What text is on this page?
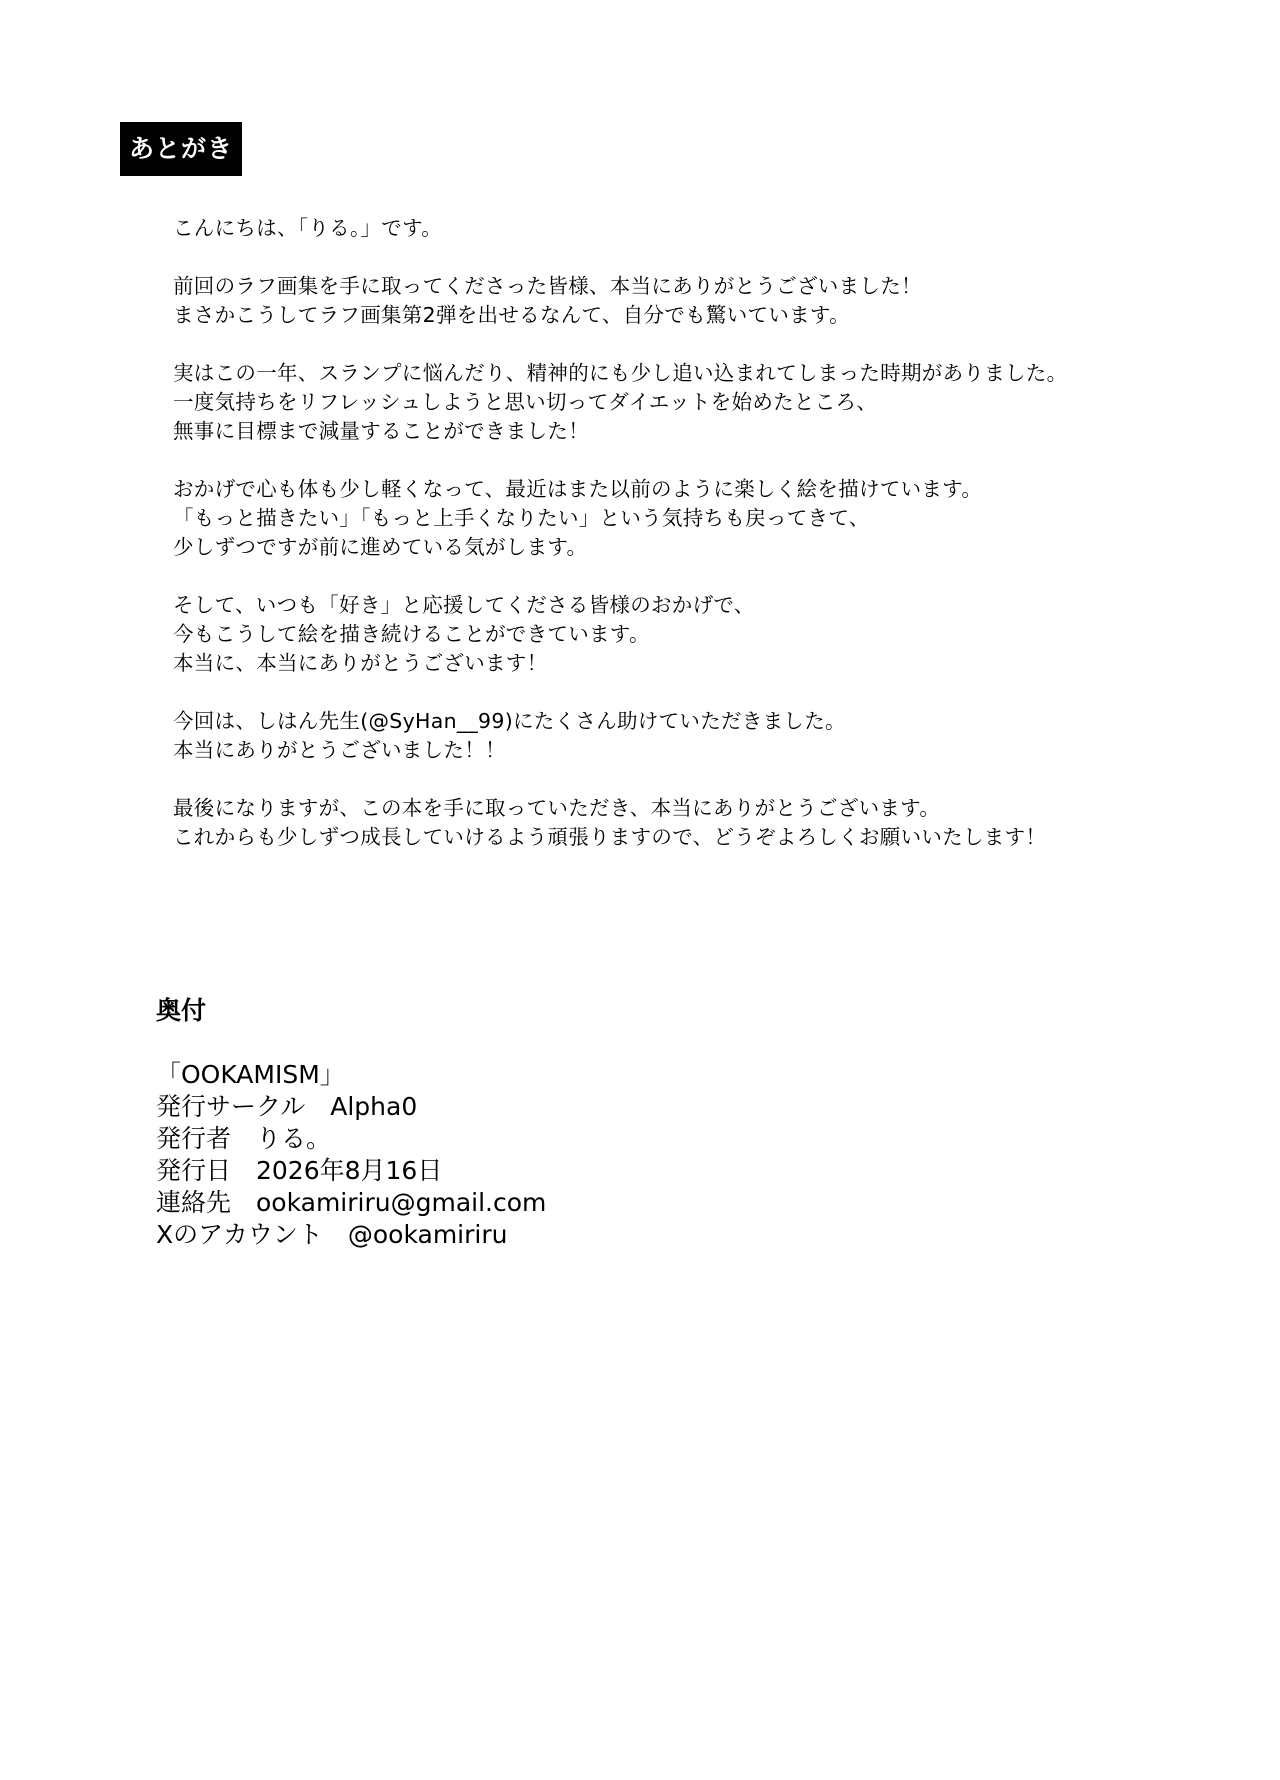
あとがき
こんにちは、「りる。」です。
前回のラフ画集を手に取ってくださった皆様、本当にありがとうございました！
まさかこうしてラフ画集第2弾を出せるなんて、自分でも驚いています。
実はこの一年、スランプに悩んだり、精神的にも少し追い込まれてしまった時期がありました。
一度気持ちをリフレッシュしようと思い切ってダイエットを始めたところ、
無事に目標まで減量することができました！
おかげで心も体も少し軽くなって、最近はまた以前のように楽しく絵を描けています。
「もっと描きたい」「もっと上手くなりたい」という気持ちも戻ってきて、
少しずつですが前に進めている気がします。
そして、いつも「好き」と応援してくださる皆様のおかげで、
今もこうして絵を描き続けることができています。
本当に、本当にありがとうございます！
今回は、しはん先生(@SyHan__99)にたくさん助けていただきました。
本当にありがとうございました！！
最後になりますが、この本を手に取っていただき、本当にありがとうございます。
これからも少しずつ成長していけるよう頑張りますので、どうぞよろしくお願いいたします！
奥付
「OOKAMISM」
発行サークル　Alpha0
発行者　りる。
発行日　2026年8月16日
連絡先　ookamiriru@gmail.com
Xのアカウント　@ookamiriru
